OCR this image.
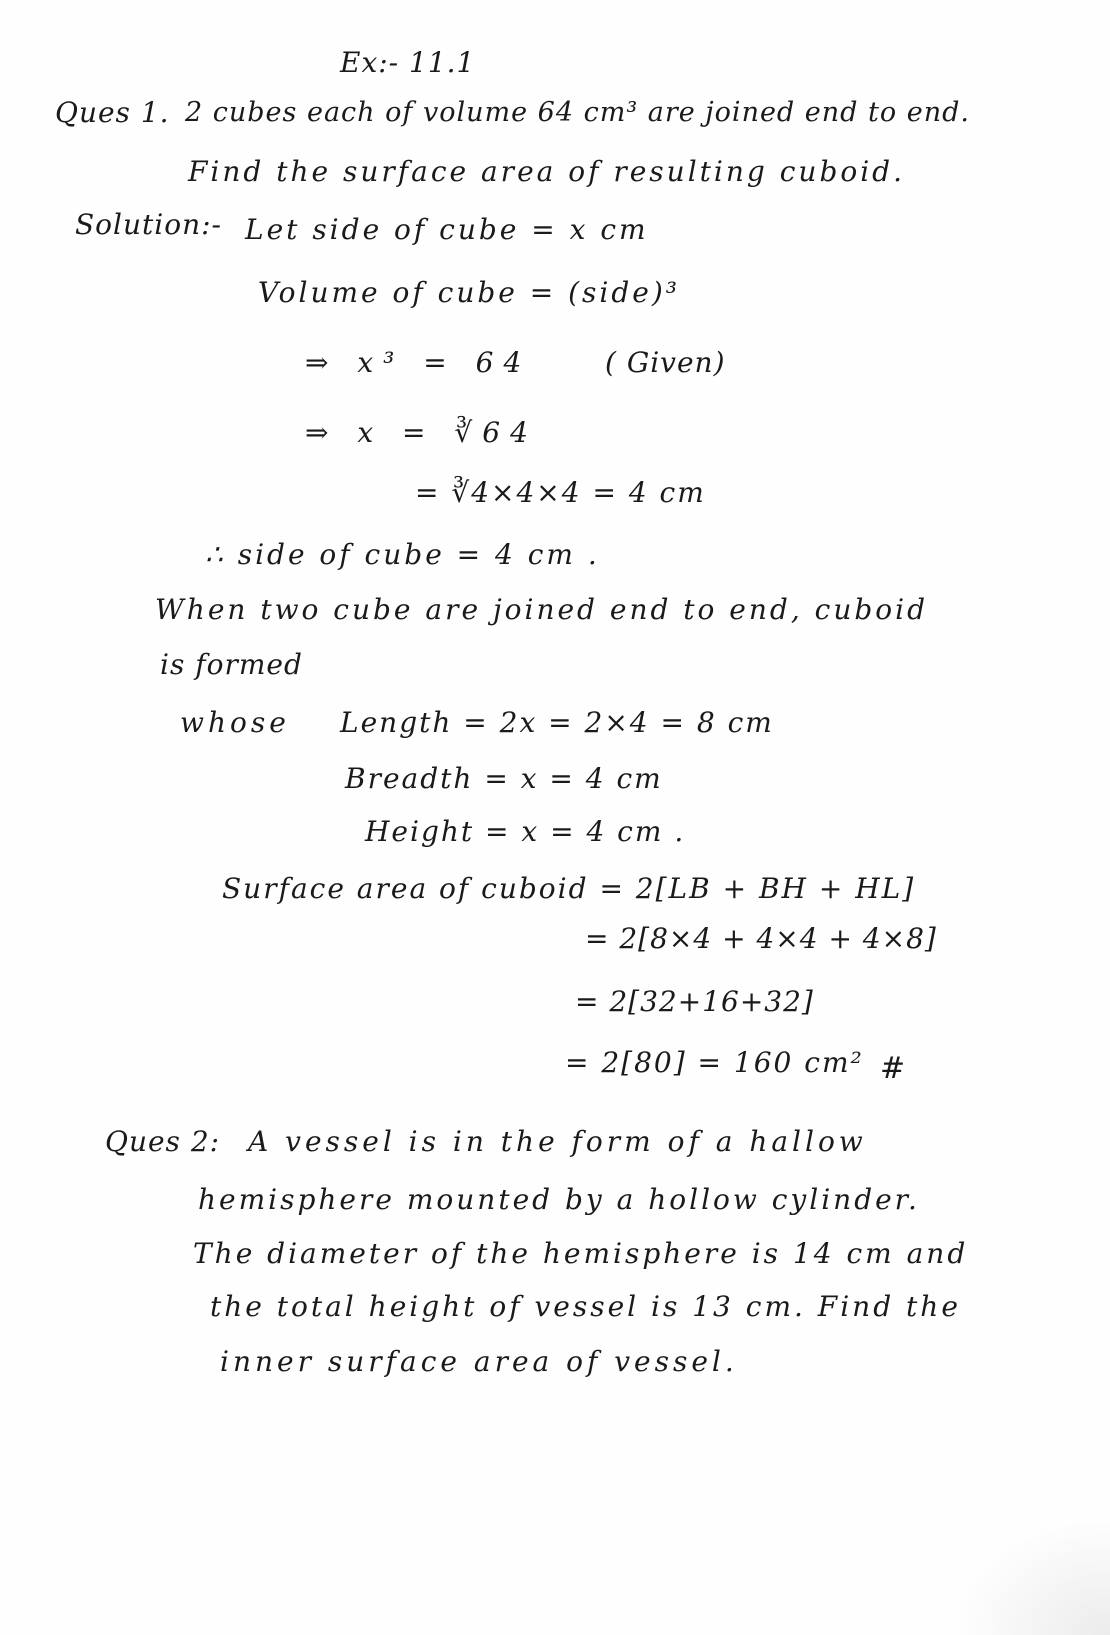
Ex:- 11.1
Ques 1. 2 cubes each of volume 64 cm³ are joined end to end.
Find the surface area of resulting cuboid.
Solution:- Let side of cube = x cm
Volume of cube = (side)³
⇒ x³ = 64	( Given)
⇒ x = ∛64
= ∛4×4×4 = 4 cm
∴ side of cube = 4 cm .
When two cube are joined end to end, cuboid
is formed
whose Length = 2x = 2×4 = 8 cm
Breadth = x = 4 cm
Height = x = 4 cm .
Surface area of cuboid = 2[LB + BH + HL]
= 2[8×4 + 4×4 + 4×8]
= 2[32+16+32]
= 2[80] = 160 cm² #
Ques 2: A vessel is in the form of a hallow
hemisphere mounted by a hollow cylinder.
The diameter of the hemisphere is 14 cm and
the total height of vessel is 13 cm. Find the
inner surface area of vessel.
